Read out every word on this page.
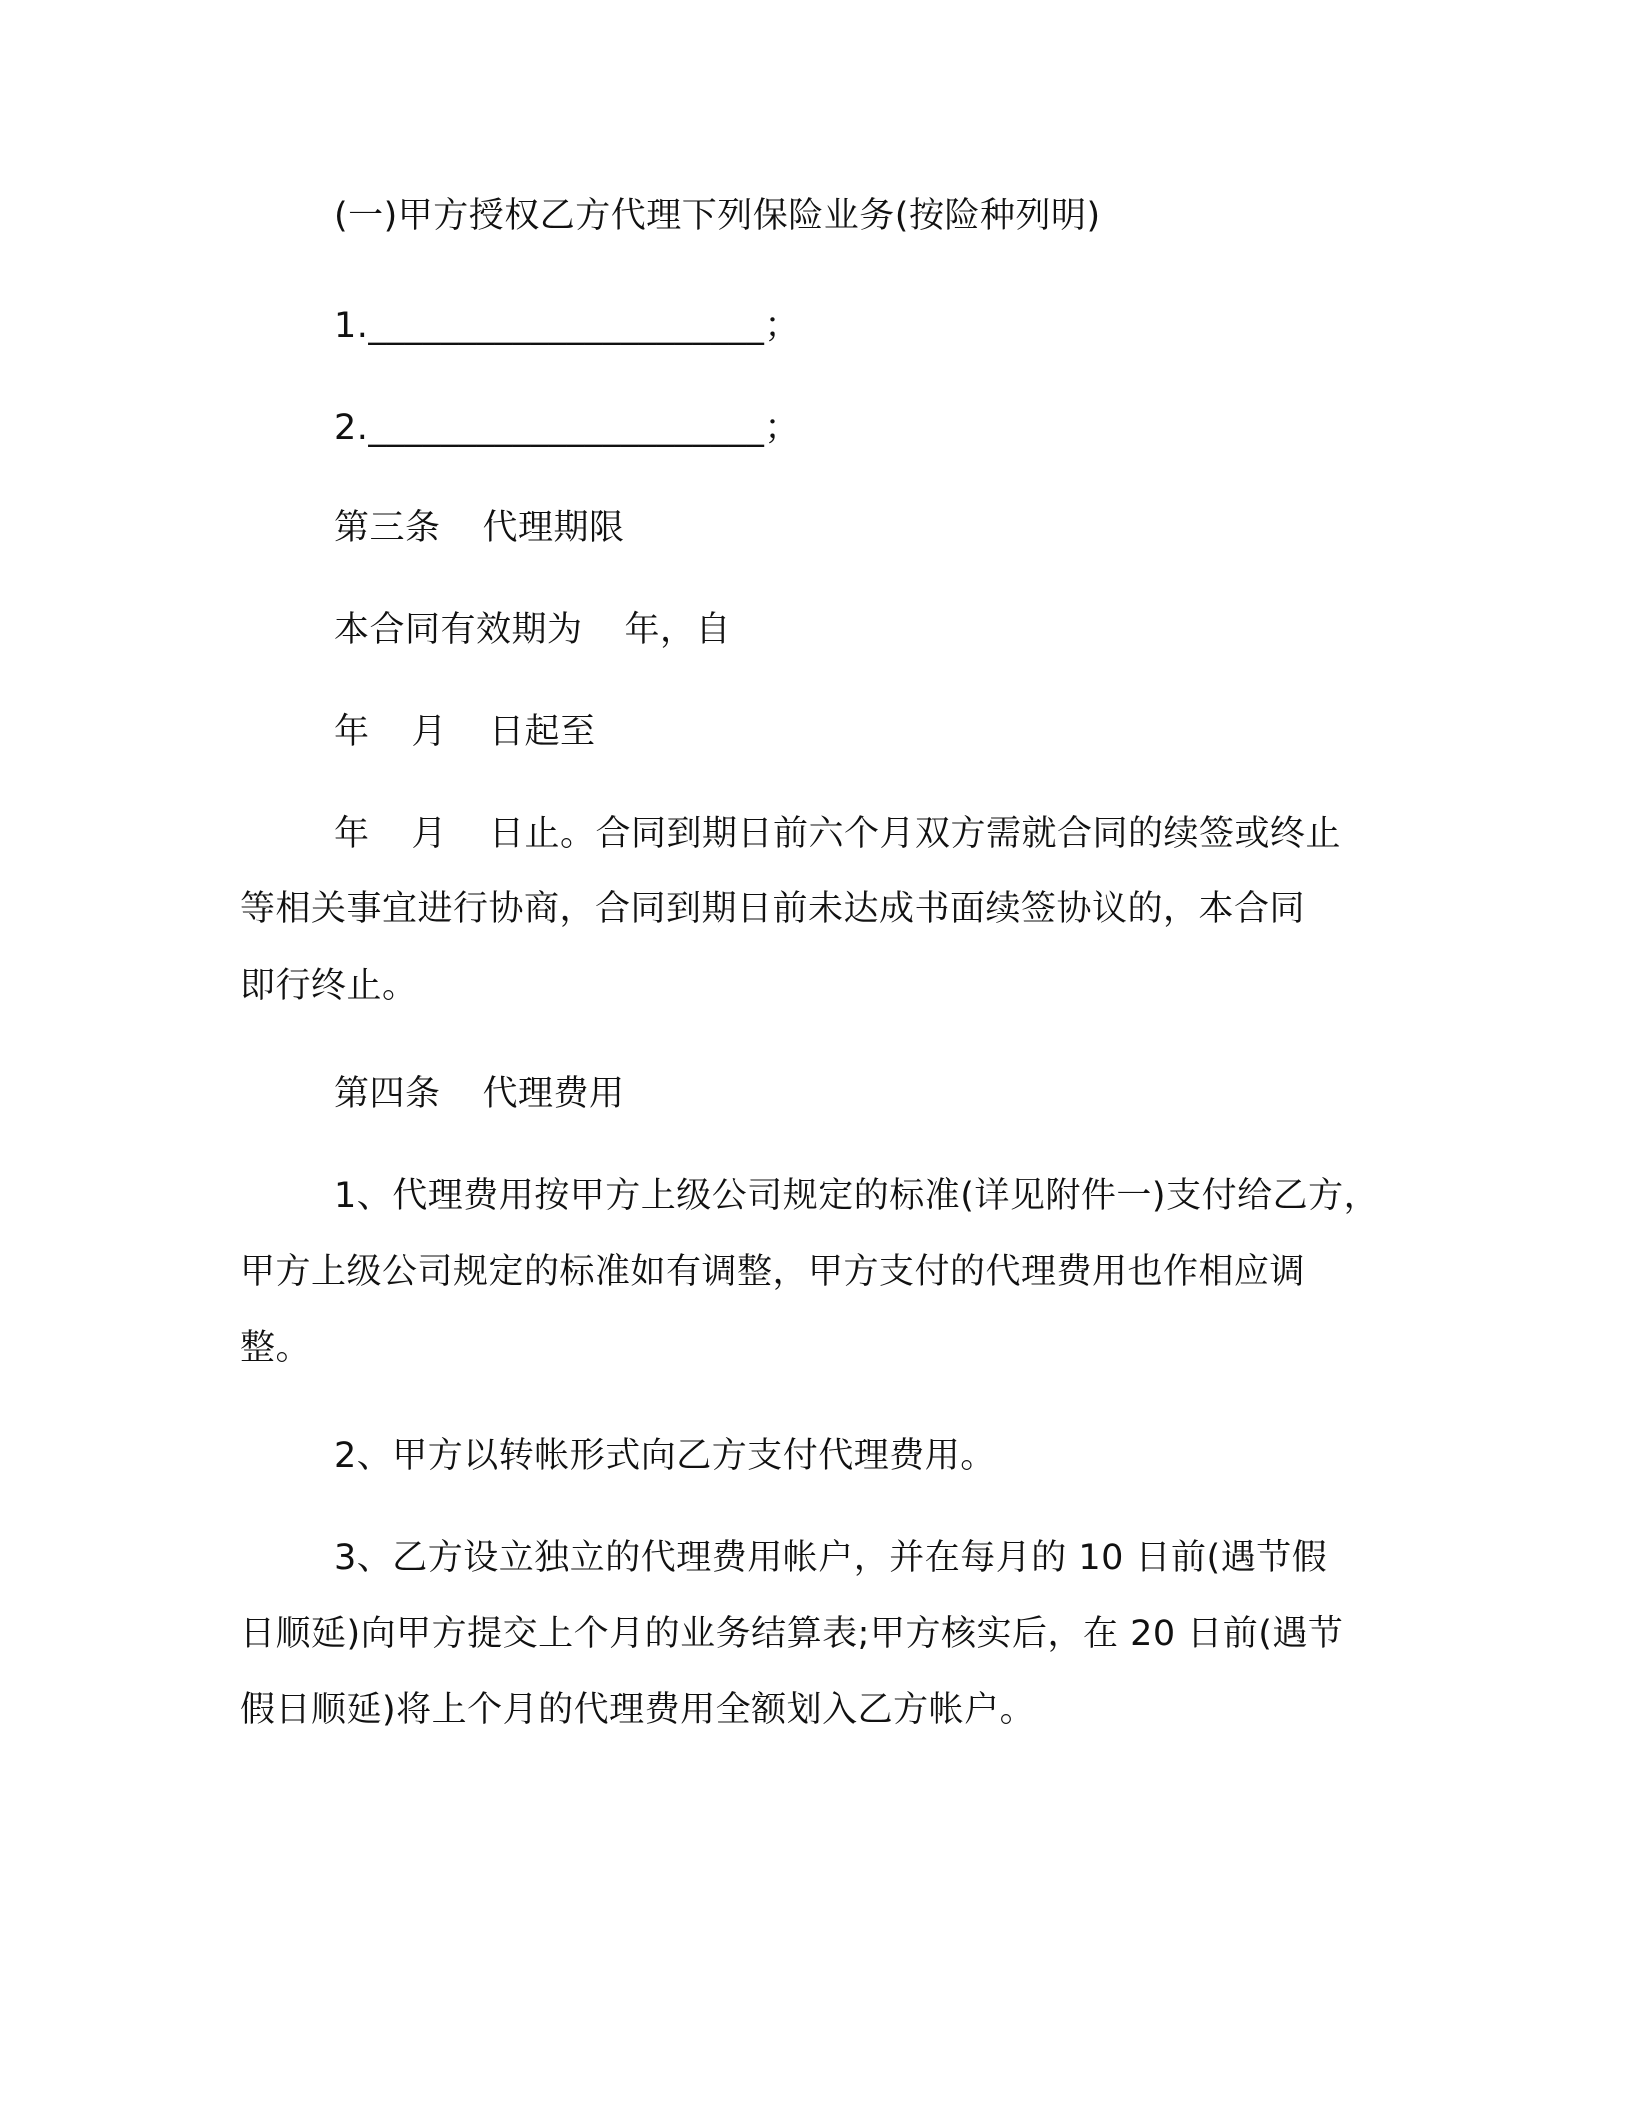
(一)甲方授权乙方代理下列保险业务(按险种列明)
1.______________________；
2.______________________；
第三条 代理期限
本合同有效期为 年，自
年 月 日起至
年 月 日止。合同到期日前六个月双方需就合同的续签或终止
等相关事宜进行协商，合同到期日前未达成书面续签协议的，本合同
即行终止。
第四条 代理费用
1、代理费用按甲方上级公司规定的标准(详见附件一)支付给乙方，
甲方上级公司规定的标准如有调整，甲方支付的代理费用也作相应调
整。
2、甲方以转帐形式向乙方支付代理费用。
3、乙方设立独立的代理费用帐户，并在每月的 10 日前(遇节假
日顺延)向甲方提交上个月的业务结算表;甲方核实后，在 20 日前(遇节
假日顺延)将上个月的代理费用全额划入乙方帐户。
